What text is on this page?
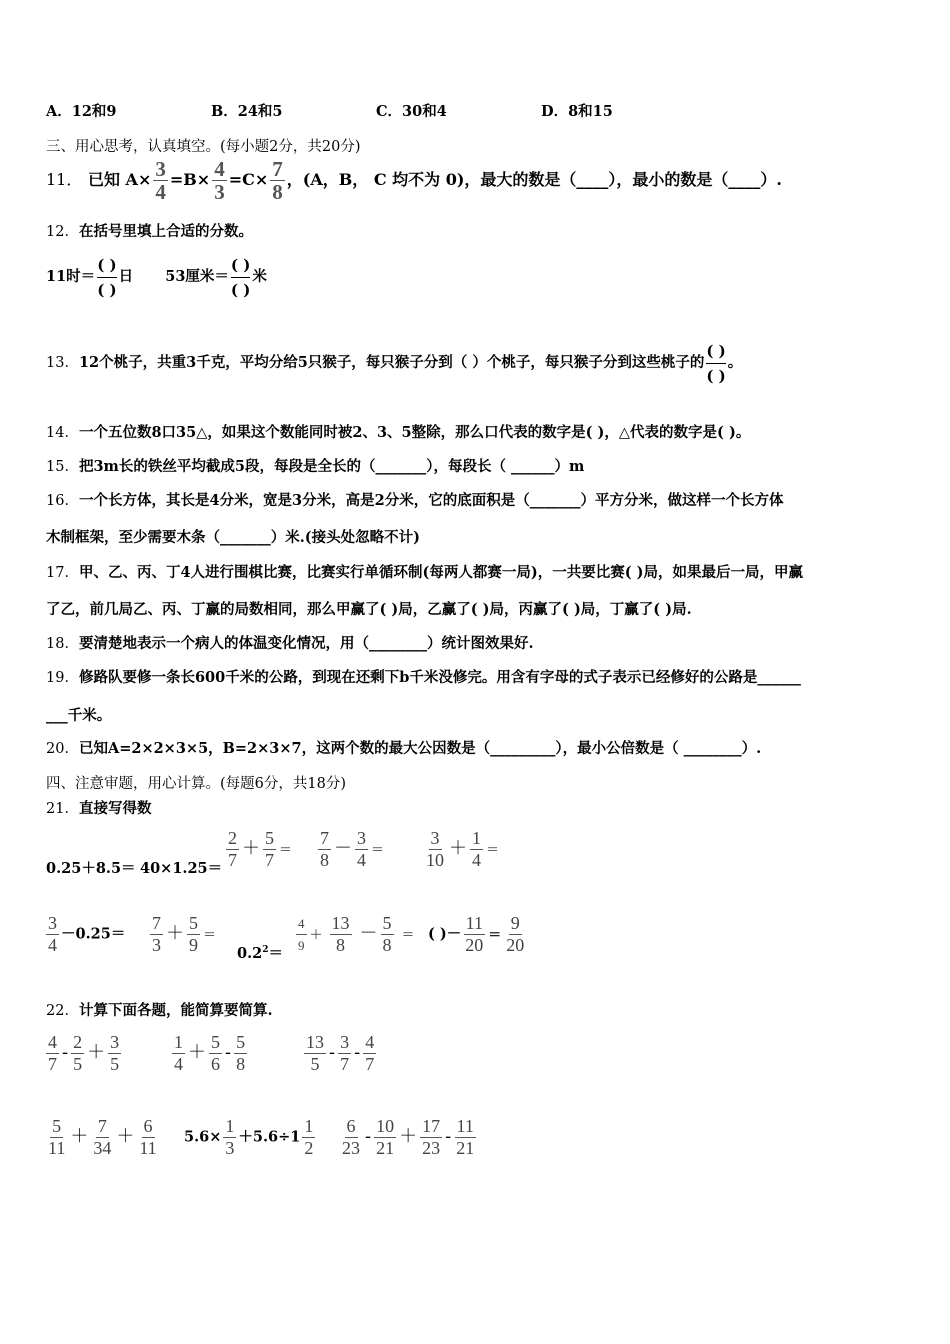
A．12和9	B．24和5	C．30和4	D．8和15
三、用心思考，认真填空。(每小题2分，共20分)
11． 已知 $A\times \frac{3}{4} =B\times \frac{4}{3} =C\times \frac{7}{8}$ ，(A，B， C 均不为 0)，最大的数是（____），最小的数是（____）.
12．在括号里填上合适的分数。
11时＝
( )
( )
日 53厘米＝
( )
( )
米
13．12个桃子，共重3千克，平均分给5只猴子，每只猴子分到（ ）个桃子，每只猴子分到这些桃子的
( )
( )
。
14．一个五位数8口35△，如果这个数能同时被2、3、5整除，那么口代表的数字是( )，△代表的数字是( )。
15．把3m长的铁丝平均截成5段，每段是全长的（_______），每段长（ ______）m
16．一个长方体，其长是4分米，宽是3分米，高是2分米，它的底面积是（_______）平方分米，做这样一个长方体
木制框架，至少需要木条（_______）米.(接头处忽略不计)
17．甲、乙、丙、丁4人进行围棋比赛，比赛实行单循环制(每两人都赛一局)，一共要比赛( )局，如果最后一局，甲赢
了乙，前几局乙、丙、丁赢的局数相同，那么甲赢了( )局，乙赢了( )局，丙赢了( )局，丁赢了( )局.
18．要清楚地表示一个病人的体温变化情况，用（________）统计图效果好.
19．修路队要修一条长600千米的公路，到现在还剩下b千米没修完。用含有字母的式子表示已经修好的公路是______
___千米。
20．已知A=2×2×3×5，B=2×3×7，这两个数的最大公因数是（_________），最小公倍数是（ ________）.
四、注意审题，用心计算。(每题6分，共18分)
21．直接写得数
$0.25+8.5= 40\times 1.25= \frac{2}{7} + \frac{5}{7} = \frac{7}{8} - \frac{3}{4} = \frac{3}{10} + \frac{1}{4}$ ＝
$\frac{3}{4} -0.25= \frac{7}{3} + \frac{5}{9}$ ＝
$0.2^2= \frac{4}{9} + \frac{13}{8} - \frac{5}{8}$ ＝ ( )－ $\frac{11}{20} = \frac{9}{20}$
22．计算下面各题，能简算要简算.
$\frac{4}{7} - \frac{2}{5} + \frac{3}{5}$	$\frac{1}{4} + \frac{5}{6} - \frac{5}{8}$	$\frac{13}{5} - \frac{3}{7} - \frac{4}{7}$
$\frac{5}{11} + \frac{7}{34} + \frac{6}{11} 5.6\times \frac{1}{3} +5.6\div 1 \frac{1}{2} \frac{6}{23} - \frac{10}{21} + \frac{17}{23} - \frac{11}{21}$
